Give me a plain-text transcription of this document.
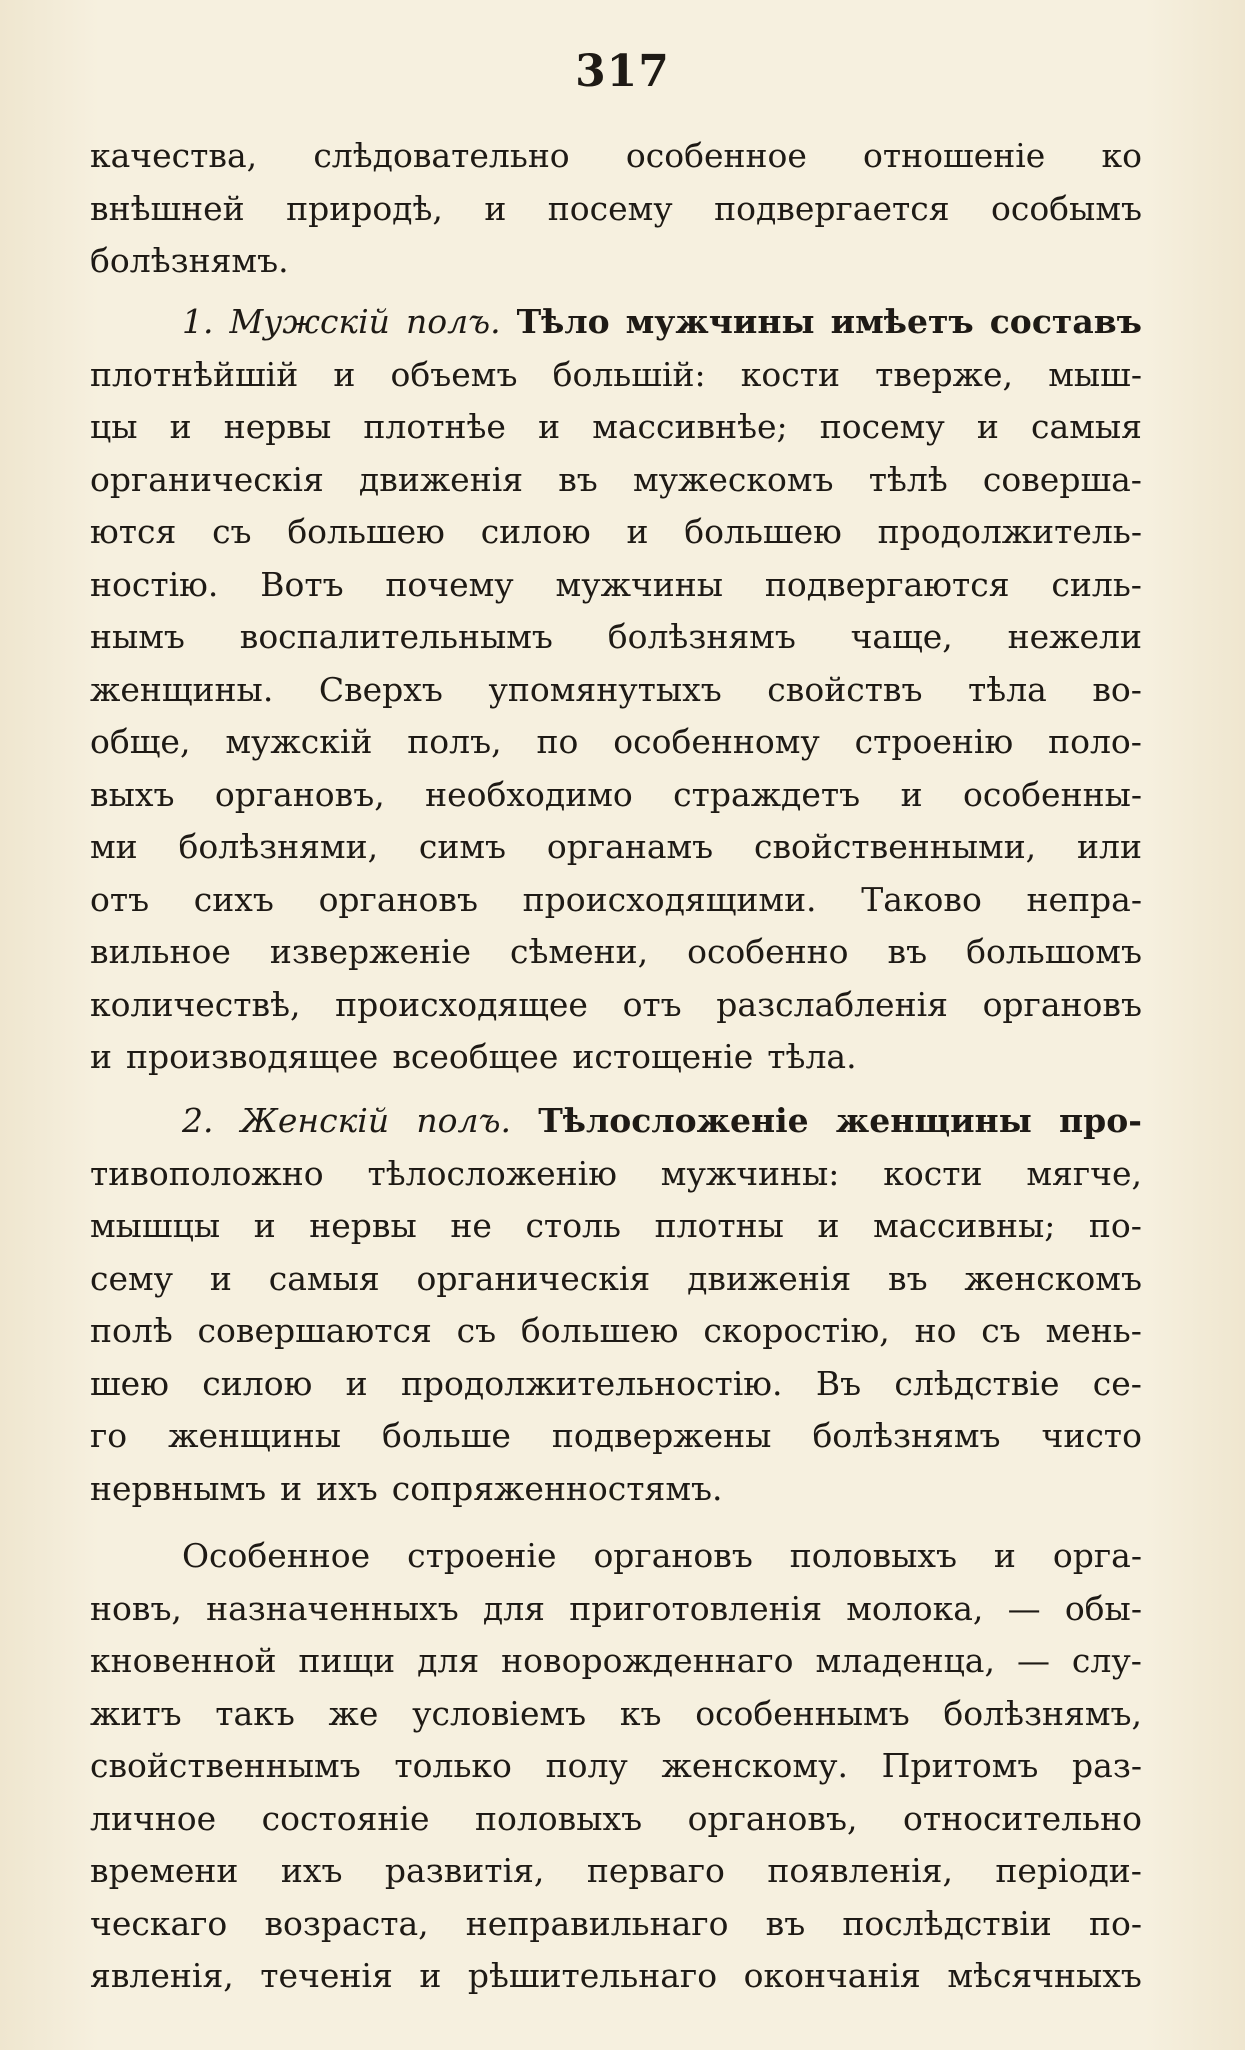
317
качества, слѣдовательно особенное отношеніе ко
внѣшней природѣ, и посему подвергается особымъ
болѣзнямъ.
1. Мужскій полъ. Тѣло мужчины имѣетъ составъ
плотнѣйшій и объемъ большій: кости тверже, мыш-
цы и нервы плотнѣе и массивнѣе; посему и самыя
органическія движенія въ мужескомъ тѣлѣ соверша-
ются съ большею силою и большею продолжитель-
ностію. Вотъ почему мужчины подвергаются силь-
нымъ воспалительнымъ болѣзнямъ чаще, нежели
женщины. Сверхъ упомянутыхъ свойствъ тѣла во-
обще, мужскій полъ, по особенному строенію поло-
выхъ органовъ, необходимо страждетъ и особенны-
ми болѣзнями, симъ органамъ свойственными, или
отъ сихъ органовъ происходящими. Таково непра-
вильное изверженіе сѣмени, особенно въ большомъ
количествѣ, происходящее отъ разслабленія органовъ
и производящее всеобщее истощеніе тѣла.
2. Женскій полъ. Тѣлосложеніе женщины про-
тивоположно тѣлосложенію мужчины: кости мягче,
мышцы и нервы не столь плотны и массивны; по-
сему и самыя органическія движенія въ женскомъ
полѣ совершаются съ большею скоростію, но съ мень-
шею силою и продолжительностію. Въ слѣдствіе се-
го женщины больше подвержены болѣзнямъ чисто
нервнымъ и ихъ сопряженностямъ.
Особенное строеніе органовъ половыхъ и орга-
новъ, назначенныхъ для приготовленія молока, — обы-
кновенной пищи для новорожденнаго младенца, — слу-
житъ такъ же условіемъ къ особеннымъ болѣзнямъ,
свойственнымъ только полу женскому. Притомъ раз-
личное состояніе половыхъ органовъ, относительно
времени ихъ развитія, перваго появленія, періоди-
ческаго возраста, неправильнаго въ послѣдствіи по-
явленія, теченія и рѣшительнаго окончанія мѣсячныхъ
